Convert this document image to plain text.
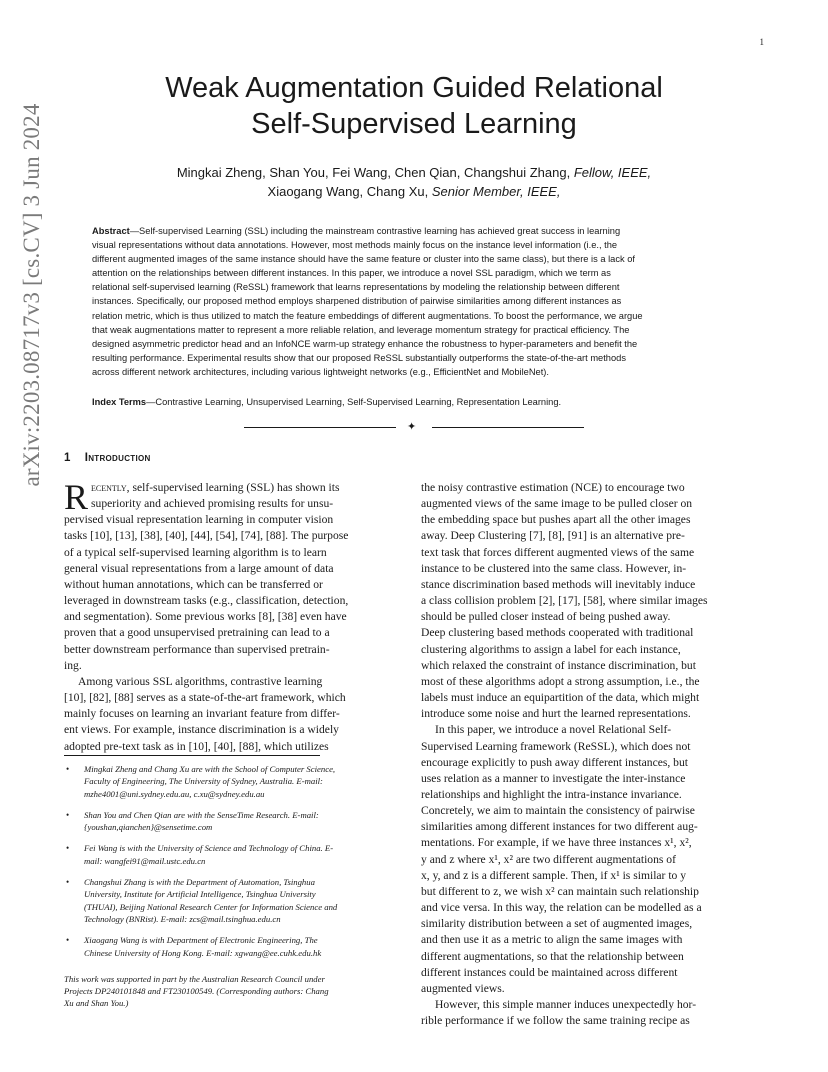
1
arXiv:2203.08717v3 [cs.CV] 3 Jun 2024
Weak Augmentation Guided Relational
Self-Supervised Learning
Mingkai Zheng, Shan You, Fei Wang, Chen Qian, Changshui Zhang, Fellow, IEEE,
Xiaogang Wang, Chang Xu, Senior Member, IEEE,
Abstract—Self-supervised Learning (SSL) including the mainstream contrastive learning has achieved great success in learning
visual representations without data annotations. However, most methods mainly focus on the instance level information (i.e., the
different augmented images of the same instance should have the same feature or cluster into the same class), but there is a lack of
attention on the relationships between different instances. In this paper, we introduce a novel SSL paradigm, which we term as
relational self-supervised learning (ReSSL) framework that learns representations by modeling the relationship between different
instances. Specifically, our proposed method employs sharpened distribution of pairwise similarities among different instances as
relation metric, which is thus utilized to match the feature embeddings of different augmentations. To boost the performance, we argue
that weak augmentations matter to represent a more reliable relation, and leverage momentum strategy for practical efficiency. The
designed asymmetric predictor head and an InfoNCE warm-up strategy enhance the robustness to hyper-parameters and benefit the
resulting performance. Experimental results show that our proposed ReSSL substantially outperforms the state-of-the-art methods
across different network architectures, including various lightweight networks (e.g., EfficientNet and MobileNet).
Index Terms—Contrastive Learning, Unsupervised Learning, Self-Supervised Learning, Representation Learning.
✦
1 Introduction
R ecently, self-supervised learning (SSL) has shown its
superiority and achieved promising results for unsu-
pervised visual representation learning in computer vision
tasks [10], [13], [38], [40], [44], [54], [74], [88]. The purpose
of a typical self-supervised learning algorithm is to learn
general visual representations from a large amount of data
without human annotations, which can be transferred or
leveraged in downstream tasks (e.g., classification, detection,
and segmentation). Some previous works [8], [38] even have
proven that a good unsupervised pretraining can lead to a
better downstream performance than supervised pretrain-
ing.
Among various SSL algorithms, contrastive learning
[10], [82], [88] serves as a state-of-the-art framework, which
mainly focuses on learning an invariant feature from differ-
ent views. For example, instance discrimination is a widely
adopted pre-text task as in [10], [40], [88], which utilizes
• Mingkai Zheng and Chang Xu are with the School of Computer Science,
Faculty of Engineering, The University of Sydney, Australia. E-mail:
mzhe4001@uni.sydney.edu.au, c.xu@sydney.edu.au
• Shan You and Chen Qian are with the SenseTime Research. E-mail:
{youshan,qianchen}@sensetime.com
• Fei Wang is with the University of Science and Technology of China. E-
mail: wangfei91@mail.ustc.edu.cn
• Changshui Zhang is with the Department of Automation, Tsinghua
University, Institute for Artificial Intelligence, Tsinghua University
(THUAI), Beijing National Research Center for Information Science and
Technology (BNRist). E-mail: zcs@mail.tsinghua.edu.cn
• Xiaogang Wang is with Department of Electronic Engineering, The
Chinese University of Hong Kong. E-mail: xgwang@ee.cuhk.edu.hk
This work was supported in part by the Australian Research Council under
Projects DP240101848 and FT230100549. (Corresponding authors: Chang
Xu and Shan You.)
the noisy contrastive estimation (NCE) to encourage two
augmented views of the same image to be pulled closer on
the embedding space but pushes apart all the other images
away. Deep Clustering [7], [8], [91] is an alternative pre-
text task that forces different augmented views of the same
instance to be clustered into the same class. However, in-
stance discrimination based methods will inevitably induce
a class collision problem [2], [17], [58], where similar images
should be pulled closer instead of being pushed away.
Deep clustering based methods cooperated with traditional
clustering algorithms to assign a label for each instance,
which relaxed the constraint of instance discrimination, but
most of these algorithms adopt a strong assumption, i.e., the
labels must induce an equipartition of the data, which might
introduce some noise and hurt the learned representations.
In this paper, we introduce a novel Relational Self-
Supervised Learning framework (ReSSL), which does not
encourage explicitly to push away different instances, but
uses relation as a manner to investigate the inter-instance
relationships and highlight the intra-instance invariance.
Concretely, we aim to maintain the consistency of pairwise
similarities among different instances for two different aug-
mentations. For example, if we have three instances x¹, x²,
y and z where x¹, x² are two different augmentations of
x, y, and z is a different sample. Then, if x¹ is similar to y
but different to z, we wish x² can maintain such relationship
and vice versa. In this way, the relation can be modelled as a
similarity distribution between a set of augmented images,
and then use it as a metric to align the same images with
different augmentations, so that the relationship between
different instances could be maintained across different
augmented views.
However, this simple manner induces unexpectedly hor-
rible performance if we follow the same training recipe as
